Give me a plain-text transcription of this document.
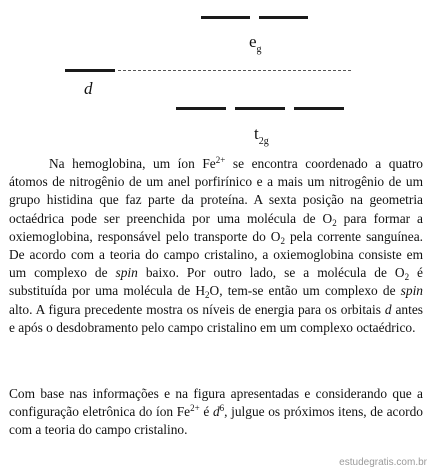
$e_g$
d
$t_{2g}$

Na hemoglobina, um íon $Fe^{2+}$ se encontra coordenado a quatro átomos de nitrogênio de um anel porfirínico e a mais um nitrogênio de um grupo histidina que faz parte da proteína. A sexta posição na geometria octaédrica pode ser preenchida por uma molécula de $O_2$ para formar a oxiemoglobina, responsável pelo transporte do $O_2$ pela corrente sanguínea. De acordo com a teoria do campo cristalino, a oxiemoglobina consiste em um complexo de spin baixo. Por outro lado, se a molécula de $O_2$ é substituída por uma molécula de $H_2O$, tem-se então um complexo de spin alto. A figura precedente mostra os níveis de energia para os orbitais d antes e após o desdobramento pelo campo cristalino em um complexo octaédrico.

Com base nas informações e na figura apresentadas e considerando que a configuração eletrônica do íon $Fe^{2+}$ é $d^6$, julgue os próximos itens, de acordo com a teoria do campo cristalino.

estudegratis.com.br
